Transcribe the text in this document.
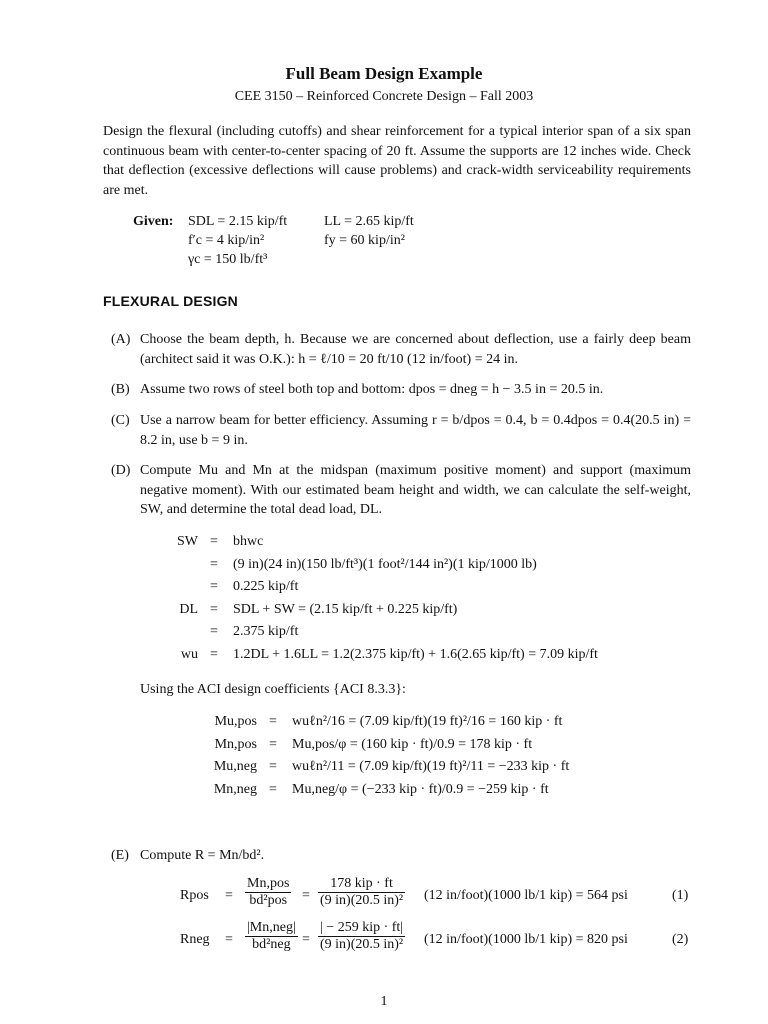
Full Beam Design Example
CEE 3150 – Reinforced Concrete Design – Fall 2003
Design the flexural (including cutoffs) and shear reinforcement for a typical interior span of a six span continuous beam with center-to-center spacing of 20 ft. Assume the supports are 12 inches wide. Check that deflection (excessive deflections will cause problems) and crack-width serviceability requirements are met.
Given:	SDL = 2.15 kip/ft	LL = 2.65 kip/ft
f′c = 4 kip/in²	fy = 60 kip/in²
γc = 150 lb/ft³
FLEXURAL DESIGN
(A) Choose the beam depth, h. Because we are concerned about deflection, use a fairly deep beam (architect said it was O.K.): h = ℓ/10 = 20 ft/10 (12 in/foot) = 24 in.
(B) Assume two rows of steel both top and bottom: dpos = dneg = h − 3.5 in = 20.5 in.
(C) Use a narrow beam for better efficiency. Assuming r = b/dpos = 0.4, b = 0.4dpos = 0.4(20.5 in) = 8.2 in, use b = 9 in.
(D) Compute Mu and Mn at the midspan (maximum positive moment) and support (maximum negative moment). With our estimated beam height and width, we can calculate the self-weight, SW, and determine the total dead load, DL.
SW = bhwc
= (9 in)(24 in)(150 lb/ft³)(1 foot²/144 in²)(1 kip/1000 lb)
= 0.225 kip/ft
DL = SDL + SW = (2.15 kip/ft + 0.225 kip/ft)
= 2.375 kip/ft
wu = 1.2DL + 1.6LL = 1.2(2.375 kip/ft) + 1.6(2.65 kip/ft) = 7.09 kip/ft
Using the ACI design coefficients {ACI 8.3.3}:
Mu,pos = wuℓn²/16 = (7.09 kip/ft)(19 ft)²/16 = 160 kip · ft
Mn,pos = Mu,pos/φ = (160 kip · ft)/0.9 = 178 kip · ft
Mu,neg = wuℓn²/11 = (7.09 kip/ft)(19 ft)²/11 = −233 kip · ft
Mn,neg = Mu,neg/φ = (−233 kip · ft)/0.9 = −259 kip · ft
(E) Compute R = Mn/bd².
Rpos =
Mn,pos
bd²pos	=
178 kip · ft
(9 in)(20.5 in)² (12 in/foot)(1000 lb/1 kip) = 564 psi	(1)
Rneg =
|Mn,neg|
bd²neg =
| − 259 kip · ft|
(9 in)(20.5 in)² (12 in/foot)(1000 lb/1 kip) = 820 psi	(2)
1
